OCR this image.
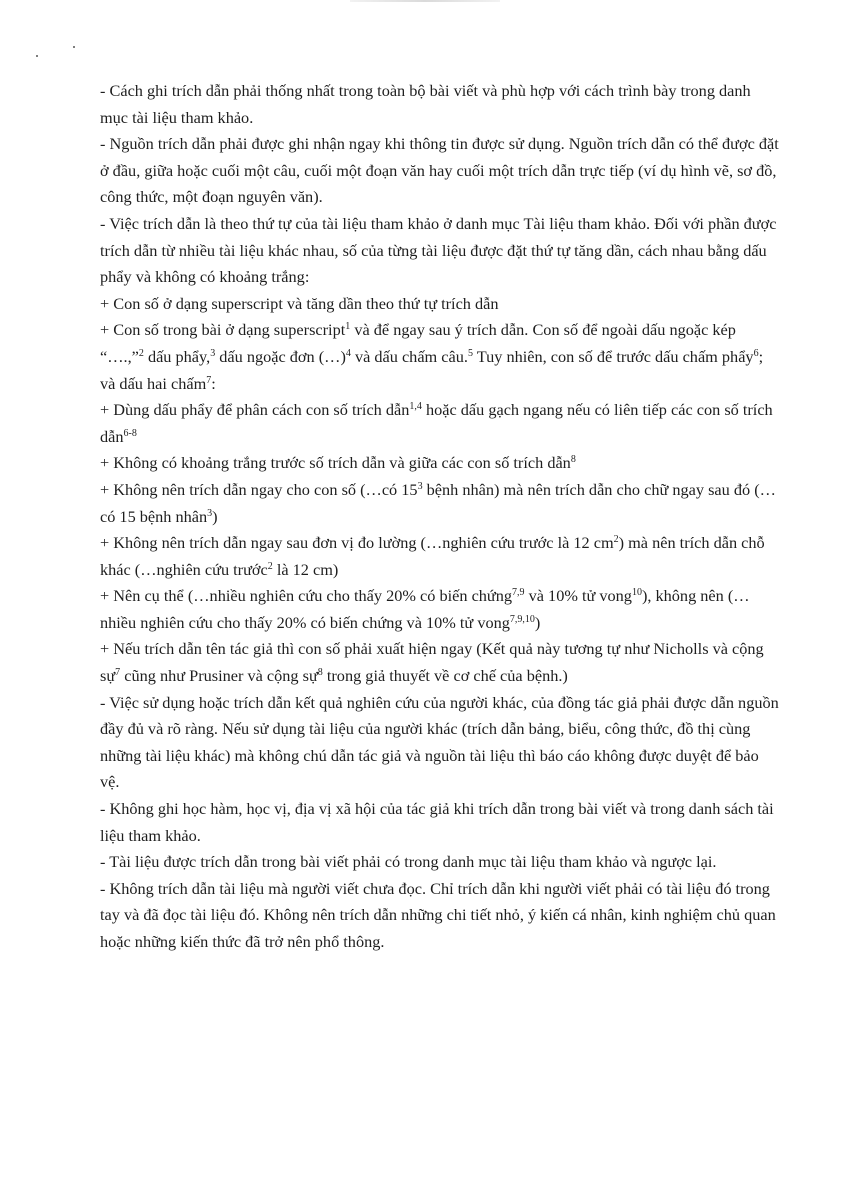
- Cách ghi trích dẫn phải thống nhất trong toàn bộ bài viết và phù hợp với cách trình bày trong danh mục tài liệu tham khảo.

- Nguồn trích dẫn phải được ghi nhận ngay khi thông tin được sử dụng. Nguồn trích dẫn có thể được đặt ở đầu, giữa hoặc cuối một câu, cuối một đoạn văn hay cuối một trích dẫn trực tiếp (ví dụ hình vẽ, sơ đồ, công thức, một đoạn nguyên văn).

- Việc trích dẫn là theo thứ tự của tài liệu tham khảo ở danh mục Tài liệu tham khảo. Đối với phần được trích dẫn từ nhiều tài liệu khác nhau, số của từng tài liệu được đặt thứ tự tăng dần, cách nhau bằng dấu phẩy và không có khoảng trắng:

+ Con số ở dạng superscript và tăng dần theo thứ tự trích dẫn

+ Con số trong bài ở dạng superscript$^1$ và để ngay sau ý trích dẫn. Con số để ngoài dấu ngoặc kép “….,”$^2$ dấu phẩy,$^3$ dấu ngoặc đơn (…)$^4$ và dấu chấm câu.$^5$ Tuy nhiên, con số để trước dấu chấm phẩy$^6$; và dấu hai chấm$^7$:

+ Dùng dấu phẩy để phân cách con số trích dẫn$^{1,4}$ hoặc dấu gạch ngang nếu có liên tiếp các con số trích dẫn$^{6-8}$

+ Không có khoảng trắng trước số trích dẫn và giữa các con số trích dẫn$^8$

+ Không nên trích dẫn ngay cho con số (…có $15^3$ bệnh nhân) mà nên trích dẫn cho chữ ngay sau đó (…có 15 bệnh nhân$^3$)

+ Không nên trích dẫn ngay sau đơn vị đo lường (…nghiên cứu trước là 12 $cm^2$) mà nên trích dẫn chỗ khác (…nghiên cứu trước$^2$ là 12 cm)

+ Nên cụ thể (…nhiều nghiên cứu cho thấy 20% có biến chứng$^{7,9}$ và 10% tử vong$^{10}$), không nên (…nhiều nghiên cứu cho thấy 20% có biến chứng và 10% tử vong$^{7,9,10}$)

+ Nếu trích dẫn tên tác giả thì con số phải xuất hiện ngay (Kết quả này tương tự như Nicholls và cộng sự$^7$ cũng như Prusiner và cộng sự$^8$ trong giả thuyết về cơ chế của bệnh.)

- Việc sử dụng hoặc trích dẫn kết quả nghiên cứu của người khác, của đồng tác giả phải được dẫn nguồn đầy đủ và rõ ràng. Nếu sử dụng tài liệu của người khác (trích dẫn bảng, biểu, công thức, đồ thị cùng những tài liệu khác) mà không chú dẫn tác giả và nguồn tài liệu thì báo cáo không được duyệt để bảo vệ.

- Không ghi học hàm, học vị, địa vị xã hội của tác giả khi trích dẫn trong bài viết và trong danh sách tài liệu tham khảo.

- Tài liệu được trích dẫn trong bài viết phải có trong danh mục tài liệu tham khảo và ngược lại.

- Không trích dẫn tài liệu mà người viết chưa đọc. Chỉ trích dẫn khi người viết phải có tài liệu đó trong tay và đã đọc tài liệu đó. Không nên trích dẫn những chi tiết nhỏ, ý kiến cá nhân, kinh nghiệm chủ quan hoặc những kiến thức đã trở nên phổ thông.
